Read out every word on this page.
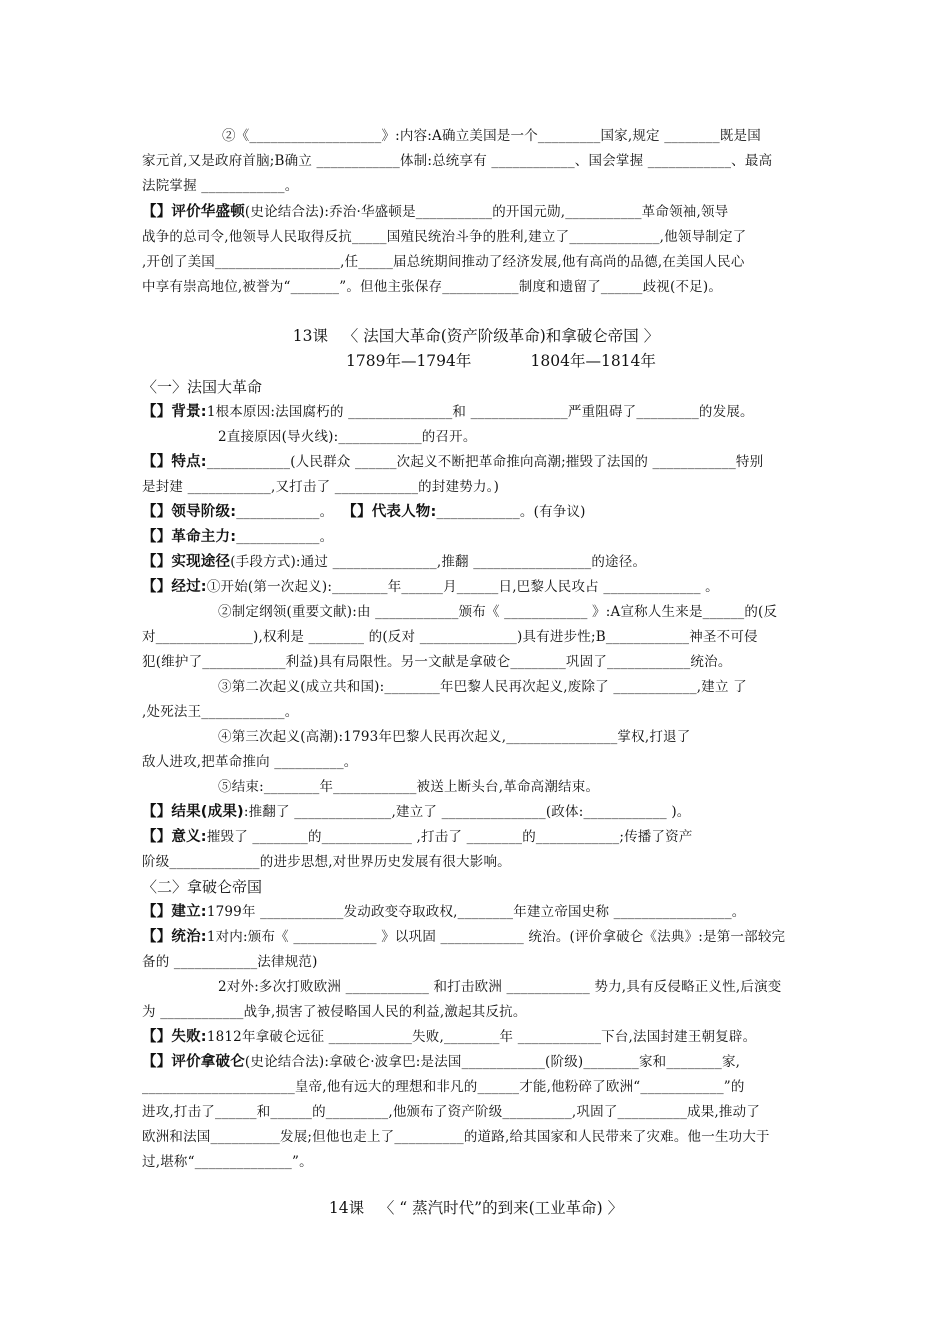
②《___________________》:内容:A确立美国是一个_________国家,规定 ________既是国
家元首,又是政府首脑;B确立 ____________体制:总统享有 ____________、国会掌握 ____________、最高
法院掌握 ____________。
【】评价华盛顿(史论结合法):乔治·华盛顿是___________的开国元勋,___________革命领袖,领导
战争的总司令,他领导人民取得反抗_____国殖民统治斗争的胜利,建立了_____________,他领导制定了
,开创了美国__________________,任_____届总统期间推动了经济发展,他有高尚的品德,在美国人民心
中享有崇高地位,被誉为“_______”。但他主张保存___________制度和遗留了______歧视(不足)。
13课   〈 法国大革命(资产阶级革命)和拿破仑帝国 〉
1789年—1794年            1804年—1814年
〈一〉法国大革命
【】背景:1根本原因:法国腐朽的 _______________和 ______________严重阻碍了_________的发展。
2直接原因(导火线):____________的召开。
【】特点:____________(人民群众 ______次起义不断把革命推向高潮;摧毁了法国的 ____________特别
是封建 ____________,又打击了 ____________的封建势力。)
【】领导阶级:____________。 【】代表人物:____________。(有争议)
【】革命主力:____________。
【】实现途径(手段方式):通过 _______________,推翻 _________________的途径。
【】经过:①开始(第一次起义):________年______月______日,巴黎人民攻占 ______________ 。
②制定纲领(重要文献):由 ____________颁布《 ____________ 》:A宣称人生来是______的(反
对______________),权利是 ________ 的(反对 ______________)具有进步性;B____________神圣不可侵
犯(维护了____________利益)具有局限性。另一文献是拿破仑________巩固了____________统治。
③第二次起义(成立共和国):________年巴黎人民再次起义,废除了 ____________,建立 了
,处死法王____________。
④第三次起义(高潮):1793年巴黎人民再次起义,________________掌权,打退了
敌人进攻,把革命推向 __________。
⑤结束:________年____________被送上断头台,革命高潮结束。
【】结果(成果):推翻了 ______________,建立了 _______________(政体:____________ )。
【】意义:摧毁了 ________的_____________ ,打击了 ________的____________;传播了资产
阶级_____________的进步思想,对世界历史发展有很大影响。
〈二〉拿破仑帝国
【】建立:1799年 ____________发动政变夺取政权,________年建立帝国史称 _________________。
【】统治:1对内:颁布《 ____________ 》以巩固 ____________ 统治。(评价拿破仑《法典》:是第一部较完
备的 ____________法律规范)
2对外:多次打败欧洲 ____________ 和打击欧洲 ____________ 势力,具有反侵略正义性,后演变
为 ____________战争,损害了被侵略国人民的利益,激起其反抗。
【】失败:1812年拿破仑远征 ____________失败,________年 ____________下台,法国封建王朝复辟。
【】评价拿破仑(史论结合法):拿破仑·波拿巴:是法国____________(阶级)________家和________家,
______________________皇帝,他有远大的理想和非凡的______才能,他粉碎了欧洲“____________”的
进攻,打击了______和______的_________,他颁布了资产阶级__________,巩固了__________成果,推动了
欧洲和法国__________发展;但他也走上了__________的道路,给其国家和人民带来了灾难。他一生功大于
过,堪称“______________”。
14课   〈 “ 蒸汽时代”的到来(工业革命) 〉
